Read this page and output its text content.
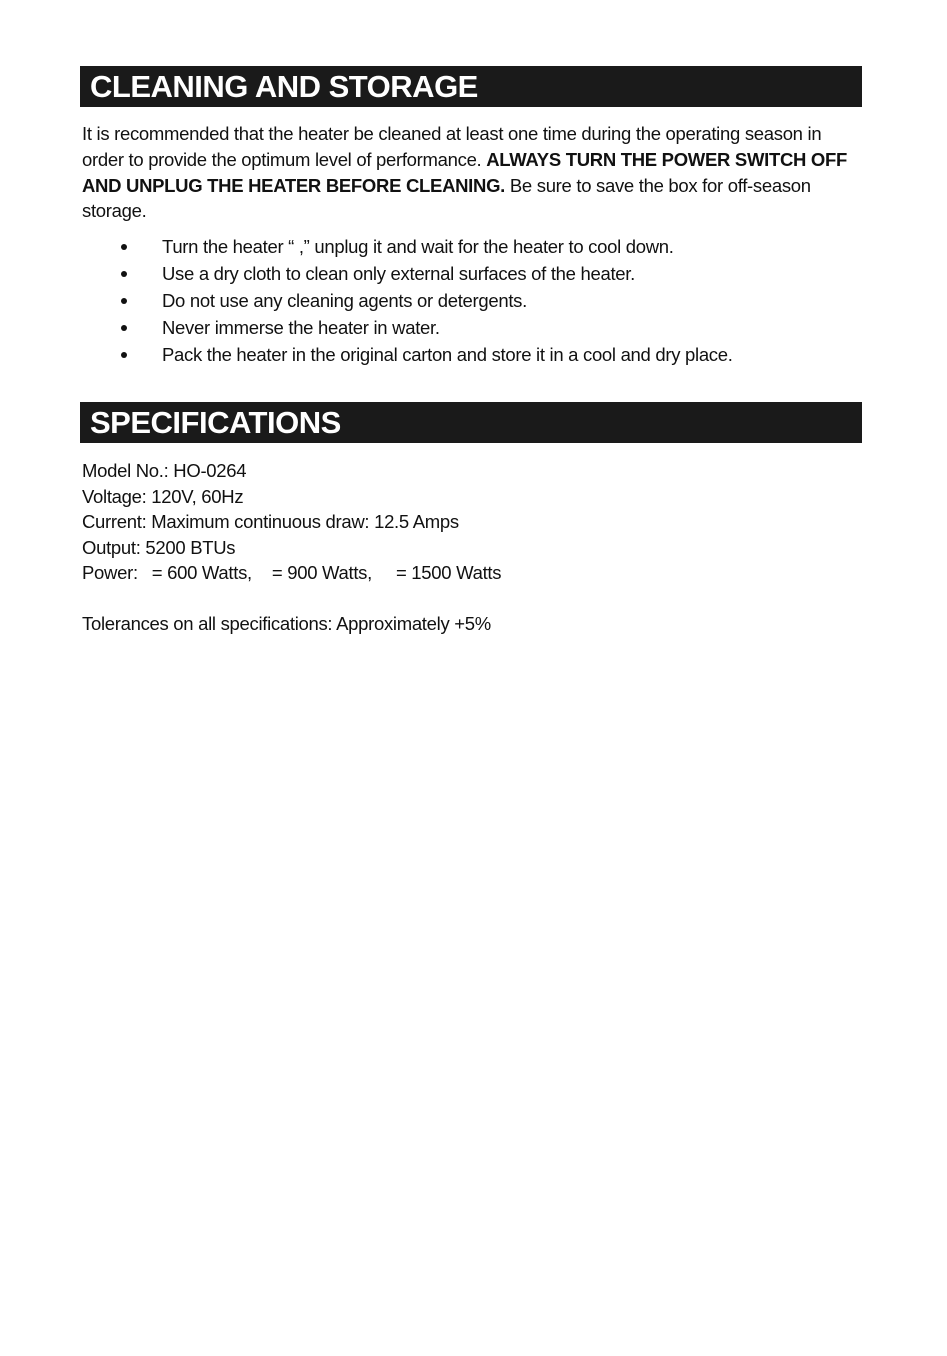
CLEANING AND STORAGE

It is recommended that the heater be cleaned at least one time during the operating season in order to provide the optimum level of performance. ALWAYS TURN THE POWER SWITCH OFF AND UNPLUG THE HEATER BEFORE CLEANING. Be sure to save the box for off-season storage.

Turn the heater “ ,” unplug it and wait for the heater to cool down.
Use a dry cloth to clean only external surfaces of the heater.
Do not use any cleaning agents or detergents.
Never immerse the heater in water.
Pack the heater in the original carton and store it in a cool and dry place.
SPECIFICATIONS
Model No.: HO-0264
Voltage: 120V, 60Hz
Current: Maximum continuous draw: 12.5 Amps
Output: 5200 BTUs
Power: = 600 Watts, = 900 Watts, = 1500 Watts
Tolerances on all specifications: Approximately +5%
